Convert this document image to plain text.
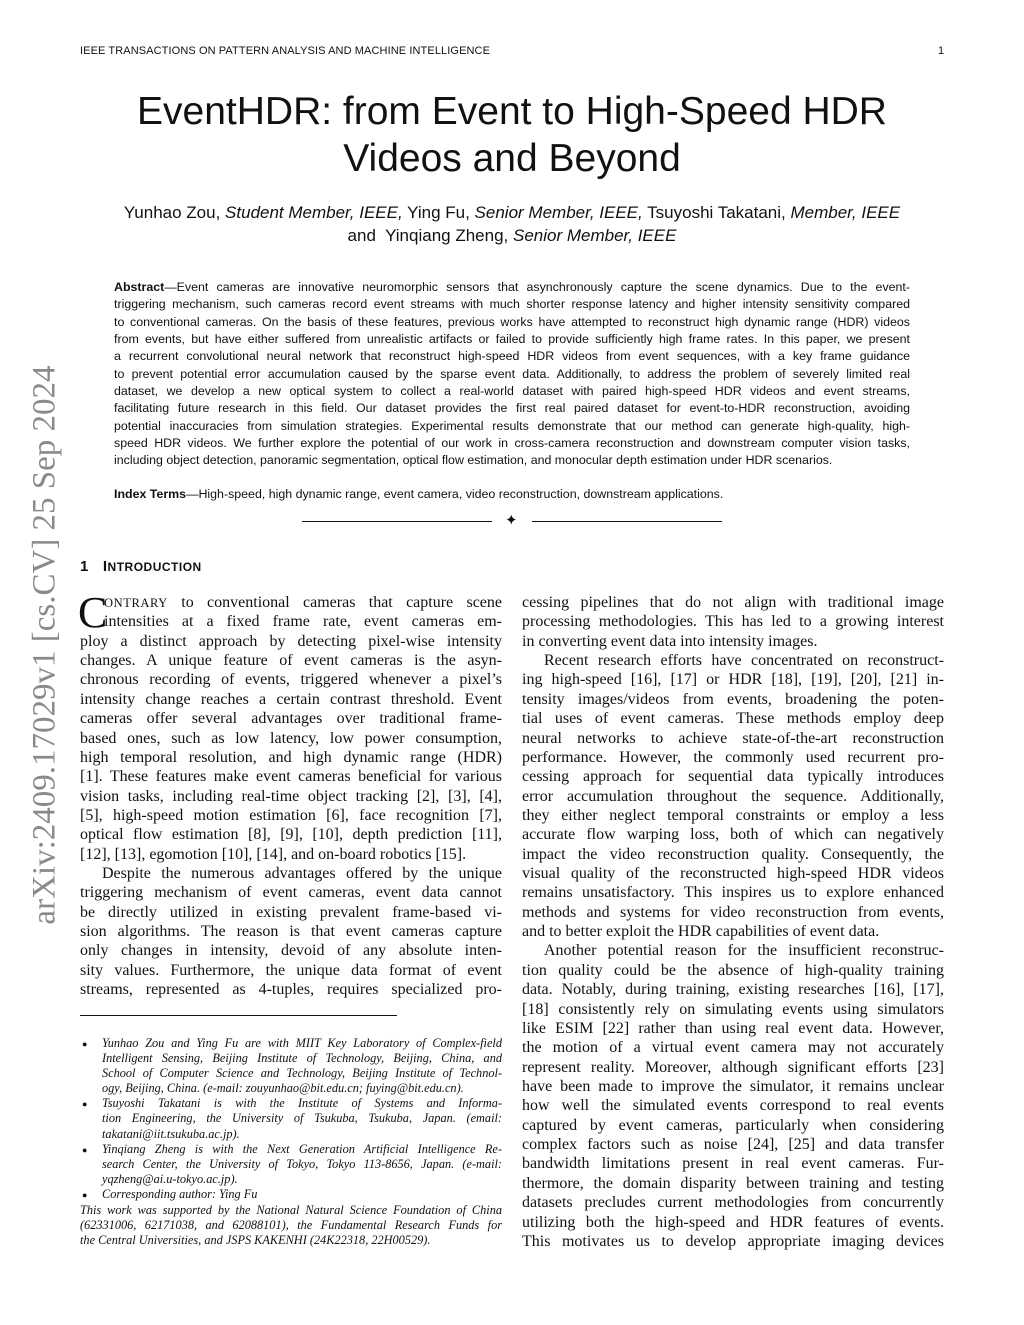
IEEE TRANSACTIONS ON PATTERN ANALYSIS AND MACHINE INTELLIGENCE	1
arXiv:2409.17029v1 [cs.CV] 25 Sep 2024
EventHDR: from Event to High-Speed HDR
Videos and Beyond
Yunhao Zou, Student Member, IEEE, Ying Fu, Senior Member, IEEE, Tsuyoshi Takatani, Member, IEEE
and Yinqiang Zheng, Senior Member, IEEE
Abstract—Event cameras are innovative neuromorphic sensors that asynchronously capture the scene dynamics. Due to the event-
triggering mechanism, such cameras record event streams with much shorter response latency and higher intensity sensitivity compared
to conventional cameras. On the basis of these features, previous works have attempted to reconstruct high dynamic range (HDR) videos
from events, but have either suffered from unrealistic artifacts or failed to provide sufficiently high frame rates. In this paper, we present
a recurrent convolutional neural network that reconstruct high-speed HDR videos from event sequences, with a key frame guidance
to prevent potential error accumulation caused by the sparse event data. Additionally, to address the problem of severely limited real
dataset, we develop a new optical system to collect a real-world dataset with paired high-speed HDR videos and event streams,
facilitating future research in this field. Our dataset provides the first real paired dataset for event-to-HDR reconstruction, avoiding
potential inaccuracies from simulation strategies. Experimental results demonstrate that our method can generate high-quality, high-
speed HDR videos. We further explore the potential of our work in cross-camera reconstruction and downstream computer vision tasks,
including object detection, panoramic segmentation, optical flow estimation, and monocular depth estimation under HDR scenarios.
Index Terms—High-speed, high dynamic range, event camera, video reconstruction, downstream applications.
✦
1 INTRODUCTION
C
ONTRARY to conventional cameras that capture scene
intensities at a fixed frame rate, event cameras em-
ploy a distinct approach by detecting pixel-wise intensity
changes. A unique feature of event cameras is the asyn-
chronous recording of events, triggered whenever a pixel’s
intensity change reaches a certain contrast threshold. Event
cameras offer several advantages over traditional frame-
based ones, such as low latency, low power consumption,
high temporal resolution, and high dynamic range (HDR)
[1]. These features make event cameras beneficial for various
vision tasks, including real-time object tracking [2], [3], [4],
[5], high-speed motion estimation [6], face recognition [7],
optical flow estimation [8], [9], [10], depth prediction [11],
[12], [13], egomotion [10], [14], and on-board robotics [15].
Despite the numerous advantages offered by the unique
triggering mechanism of event cameras, event data cannot
be directly utilized in existing prevalent frame-based vi-
sion algorithms. The reason is that event cameras capture
only changes in intensity, devoid of any absolute inten-
sity values. Furthermore, the unique data format of event
streams, represented as 4-tuples, requires specialized pro-
cessing pipelines that do not align with traditional image
processing methodologies. This has led to a growing interest
in converting event data into intensity images.
Recent research efforts have concentrated on reconstruct-
ing high-speed [16], [17] or HDR [18], [19], [20], [21] in-
tensity images/videos from events, broadening the poten-
tial uses of event cameras. These methods employ deep
neural networks to achieve state-of-the-art reconstruction
performance. However, the commonly used recurrent pro-
cessing approach for sequential data typically introduces
error accumulation throughout the sequence. Additionally,
they either neglect temporal constraints or employ a less
accurate flow warping loss, both of which can negatively
impact the video reconstruction quality. Consequently, the
visual quality of the reconstructed high-speed HDR videos
remains unsatisfactory. This inspires us to explore enhanced
methods and systems for video reconstruction from events,
and to better exploit the HDR capabilities of event data.
Another potential reason for the insufficient reconstruc-
tion quality could be the absence of high-quality training
data. Notably, during training, existing researches [16], [17],
[18] consistently rely on simulating events using simulators
like ESIM [22] rather than using real event data. However,
the motion of a virtual event camera may not accurately
represent reality. Moreover, although significant efforts [23]
have been made to improve the simulator, it remains unclear
how well the simulated events correspond to real events
captured by event cameras, particularly when considering
complex factors such as noise [24], [25] and data transfer
bandwidth limitations present in real event cameras. Fur-
thermore, the domain disparity between training and testing
datasets precludes current methodologies from concurrently
utilizing both the high-speed and HDR features of events.
This motivates us to develop appropriate imaging devices
●	Yunhao Zou and Ying Fu are with MIIT Key Laboratory of Complex-field
Intelligent Sensing, Beijing Institute of Technology, Beijing, China, and
School of Computer Science and Technology, Beijing Institute of Technol-
ogy, Beijing, China. (e-mail: zouyunhao@bit.edu.cn; fuying@bit.edu.cn).
●	Tsuyoshi Takatani is with the Institute of Systems and Informa-
tion Engineering, the University of Tsukuba, Tsukuba, Japan. (email:
takatani@iit.tsukuba.ac.jp).
●	Yinqiang Zheng is with the Next Generation Artificial Intelligence Re-
search Center, the University of Tokyo, Tokyo 113-8656, Japan. (e-mail:
yqzheng@ai.u-tokyo.ac.jp).
●	Corresponding author: Ying Fu
This work was supported by the National Natural Science Foundation of China
(62331006, 62171038, and 62088101), the Fundamental Research Funds for
the Central Universities, and JSPS KAKENHI (24K22318, 22H00529).
